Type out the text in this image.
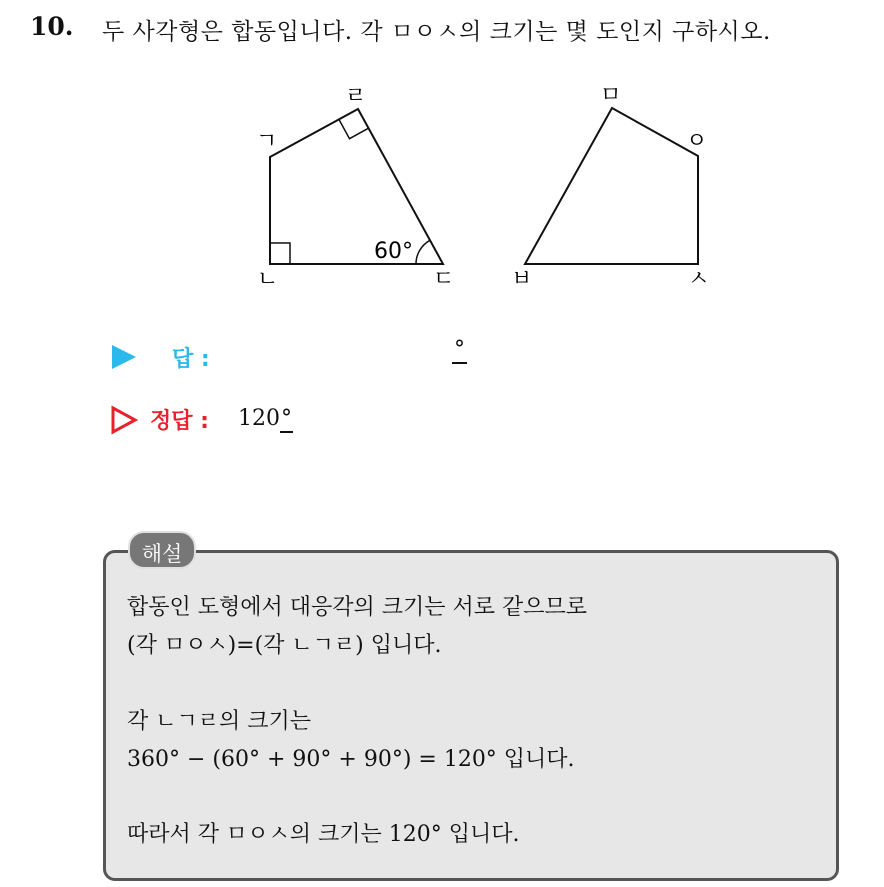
10. 두 사각형은 합동입니다. 각 ㅁㅇㅅ의 크기는 몇 도인지 구하시오.
60°
ㄱ
ㄴ	ㄷ
ㄹ	ㅁ
ㅂ	ㅅ
ㅇ
답 :	°
정답 : 120°
해설
합동인 도형에서 대응각의 크기는 서로 같으므로
(각 ㅁㅇㅅ)=(각 ㄴㄱㄹ) 입니다.
각 ㄴㄱㄹ의 크기는
360° − (60° + 90° + 90°) = 120° 입니다.
따라서 각 ㅁㅇㅅ의 크기는 120° 입니다.
